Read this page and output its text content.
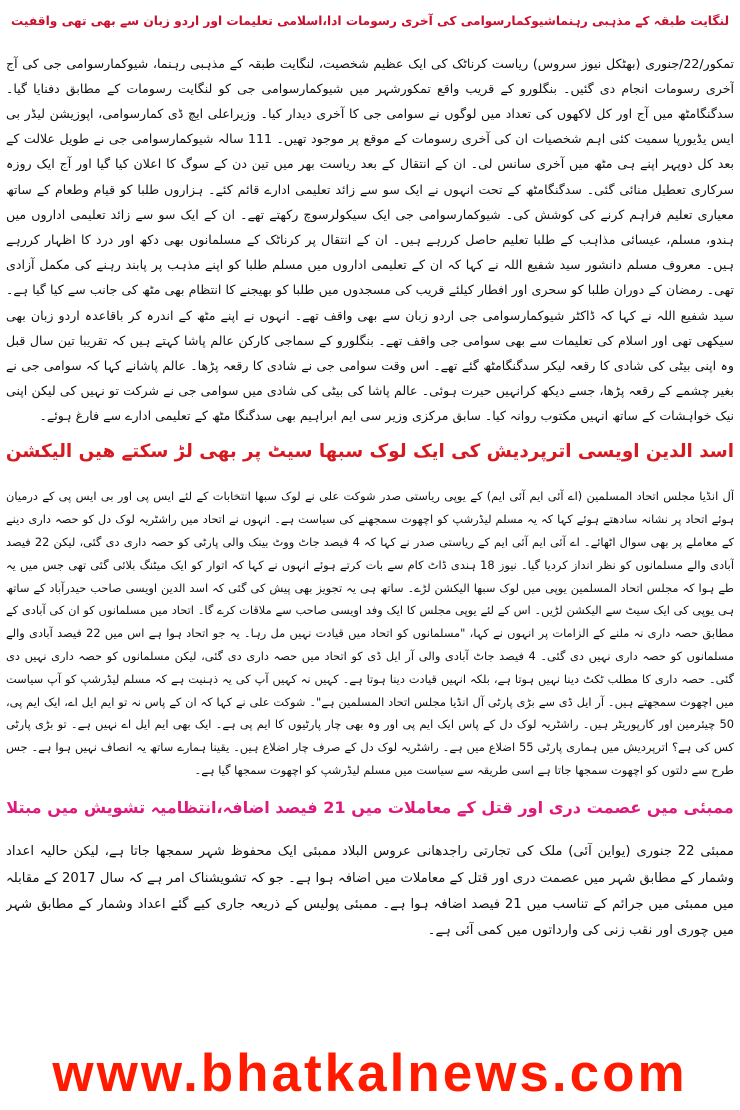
لنگایت طبقہ کے مذہبی رہنماشیوکمارسوامی کی آخری رسومات ادا،اسلامی تعلیمات اور اردو زبان سے بھی تھی واقفیت

تمکور/22/جنوری (بھٹکل نیوز سروس) ریاست کرناٹک کی ایک عظیم شخصیت، لنگایت طبقہ کے مذہبی رہنما، شیوکمارسوامی جی کی آج آخری رسومات انجام دی گئیں۔ بنگلورو کے قریب واقع تمکورشہر میں شیوکمارسوامی جی کو لنگایت رسومات کے مطابق دفنایا گیا۔ سدگنگامٹھ میں آج اور کل لاکھوں کی تعداد میں لوگوں نے سوامی جی کا آخری دیدار کیا۔ وزیراعلی ایچ ڈی کمارسوامی، اپوزیشن لیڈر بی ایس یڈیورپا سمیت کئی اہم شخصیات ان کی آخری رسومات کے موقع پر موجود تھیں۔ 111 سالہ شیوکمارسوامی جی نے طویل علالت کے بعد کل دوپہر اپنے ہی مٹھ میں آخری سانس لی۔ ان کے انتقال کے بعد ریاست بھر میں تین دن کے سوگ کا اعلان کیا گیا اور آج ایک روزہ سرکاری تعطیل منائی گئی۔ سدگنگامٹھ کے تحت انہوں نے ایک سو سے زائد تعلیمی ادارے قائم کئے۔ ہزاروں طلبا کو قیام وطعام کے ساتھ معیاری تعلیم فراہم کرنے کی کوشش کی۔ شیوکمارسوامی جی ایک سیکولرسوچ رکھتے تھے۔ ان کے ایک سو سے زائد تعلیمی اداروں میں ہندو، مسلم، عیسائی مذاہب کے طلبا تعلیم حاصل کررہے ہیں۔ ان کے انتقال پر کرناٹک کے مسلمانوں بھی دکھ اور درد کا اظہار کررہے ہیں۔ معروف مسلم دانشور سید شفیع اللہ نے کہا کہ ان کے تعلیمی اداروں میں مسلم طلبا کو اپنے مذہب پر پابند رہنے کی مکمل آزادی تھی۔ رمضان کے دوران طلبا کو سحری اور افطار کیلئے قریب کی مسجدوں میں طلبا کو بھیجنے کا انتظام بھی مٹھ کی جانب سے کیا گیا ہے۔ سید شفیع اللہ نے کہا کہ ڈاکٹر شیوکمارسوامی جی اردو زبان سے بھی واقف تھے۔ انہوں نے اپنے مٹھ کے اندرہ کر باقاعدہ اردو زبان بھی سیکھی تھی اور اسلام کی تعلیمات سے بھی سوامی جی واقف تھے۔ بنگلورو کے سماجی کارکن عالم پاشا کہتے ہیں کہ تقریبا تین سال قبل وہ اپنی بیٹی کی شادی کا رقعہ لیکر سدگنگامٹھ گئے تھے۔ اس وقت سوامی جی نے شادی کا رقعہ پڑھا۔ عالم پاشانے کہا کہ سوامی جی نے بغیر چشمے کے رقعہ پڑھا، جسے دیکھ کرانہیں حیرت ہوئی۔ عالم پاشا کی بیٹی کی شادی میں سوامی جی نے شرکت تو نہیں کی لیکن اپنی نیک خواہشات کے ساتھ انہیں مکتوب روانہ کیا۔ سابق مرکزی وزیر سی ایم ابراہیم بھی سدگنگا مٹھ کے تعلیمی ادارے سے فارغ ہوئے۔

اسد الدین اویسی اترپردیش کی ایک لوک سبھا سیٹ پر بھی لڑ سکتے ھیں الیکشن

آل انڈیا مجلس اتحاد المسلمین (اے آئی ایم آئی ایم) کے یوپی ریاستی صدر شوکت علی نے لوک سبھا انتخابات کے لئے ایس پی اور بی ایس پی کے درمیان ہوئے اتحاد پر نشانہ سادھتے ہوئے کہا کہ یہ مسلم لیڈرشپ کو اچھوت سمجھنے کی سیاست ہے۔ انہوں نے اتحاد میں راشٹریہ لوک دل کو حصہ داری دینے کے معاملے پر بھی سوال اٹھائے۔ اے آئی ایم آئی ایم کے ریاستی صدر نے کہا کہ 4 فیصد جاٹ ووٹ بینک والی پارٹی کو حصہ داری دی گئی، لیکن 22 فیصد آبادی والے مسلمانوں کو نظر انداز کردیا گیا۔ نیوز 18 ہندی ڈاٹ کام سے بات کرتے ہوئے انہوں نے کہا کہ اتوار کو ایک میٹنگ بلائی گئی تھی جس میں یہ طے ہوا کہ مجلس اتحاد المسلمین یوپی میں لوک سبھا الیکشن لڑے۔ ساتھ ہی یہ تجویز بھی پیش کی گئی کہ اسد الدین اویسی صاحب حیدرآباد کے ساتھ ہی یوپی کی ایک سیٹ سے الیکشن لڑیں۔ اس کے لئے یوپی مجلس کا ایک وفد اویسی صاحب سے ملاقات کرے گا۔ اتحاد میں مسلمانوں کو ان کی آبادی کے مطابق حصہ داری نہ ملنے کے الزامات پر انہوں نے کہا، "مسلمانوں کو اتحاد میں قیادت نہیں مل رہا۔ یہ جو اتحاد ہوا ہے اس میں 22 فیصد آبادی والے مسلمانوں کو حصہ داری نہیں دی گئی۔ 4 فیصد جاٹ آبادی والی آر ایل ڈی کو اتحاد میں حصہ داری دی گئی، لیکن مسلمانوں کو حصہ داری نہیں دی گئی۔ حصہ داری کا مطلب ٹکٹ دینا نہیں ہوتا ہے، بلکہ انہیں قیادت دینا ہوتا ہے۔ کہیں نہ کہیں آپ کی یہ ذہنیت ہے کہ مسلم لیڈرشپ کو آپ سیاست میں اچھوت سمجھتے ہیں۔ آر ایل ڈی سے بڑی پارٹی آل انڈیا مجلس اتحاد المسلمین ہے"۔ شوکت علی نے کہا کہ ان کے پاس نہ تو ایم ایل اے، ایک ایم پی، 50 چیئرمین اور کارپوریٹر ہیں۔ راشٹریہ لوک دل کے پاس ایک ایم پی اور وہ بھی چار پارٹیوں کا ایم پی ہے۔ ایک بھی ایم ایل اے نہیں ہے۔ تو بڑی پارٹی کس کی ہے؟ اترپردیش میں ہماری پارٹی 55 اضلاع میں ہے۔ راشٹریہ لوک دل کے صرف چار اضلاع ہیں۔ یقینا ہمارے ساتھ یہ انصاف نہیں ہوا ہے۔ جس طرح سے دلتوں کو اچھوت سمجھا جاتا ہے اسی طریقہ سے سیاست میں مسلم لیڈرشپ کو اچھوت سمجھا گیا ہے۔

ممبئی میں عصمت دری اور قتل کے معاملات میں 21 فیصد اضافہ،انتظامیہ تشویش میں مبتلا

ممبئی 22 جنوری (یواین آئی) ملک کی تجارتی راجدھانی عروس البلاد ممبئی ایک محفوظ شہر سمجھا جاتا ہے، لیکن حالیہ اعداد وشمار کے مطابق شہر میں عصمت دری اور قتل کے معاملات میں اضافہ ہوا ہے۔ جو کہ تشویشناک امر ہے کہ سال 2017 کے مقابلہ میں ممبئی میں جرائم کے تناسب میں 21 فیصد اضافہ ہوا ہے۔ ممبئی پولیس کے ذریعہ جاری کیے گئے اعداد وشمار کے مطابق شہر میں چوری اور نقب زنی کی وارداتوں میں کمی آئی ہے۔

www.bhatkalnews.com
